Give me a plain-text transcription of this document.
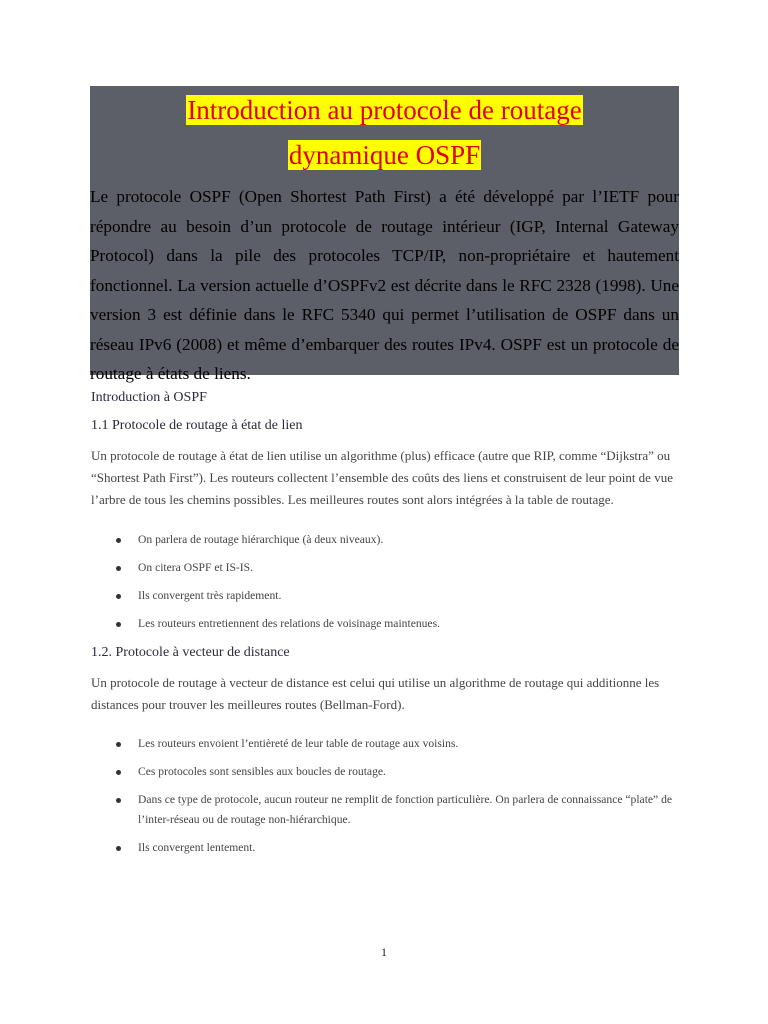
Introduction au protocole de routage
dynamique OSPF

Le protocole OSPF (Open Shortest Path First) a été développé par l’IETF pour répondre au besoin d’un protocole de routage intérieur (IGP, Internal Gateway Protocol) dans la pile des protocoles TCP/IP, non-propriétaire et hautement fonctionnel. La version actuelle d’OSPFv2 est décrite dans le RFC 2328 (1998). Une version 3 est définie dans le RFC 5340 qui permet l’utilisation de OSPF dans un réseau IPv6 (2008) et même d’embarquer des routes IPv4. OSPF est un protocole de routage à états de liens.

Introduction à OSPF
1.1 Protocole de routage à état de lien

Un protocole de routage à état de lien utilise un algorithme (plus) efficace (autre que RIP, comme “Dijkstra” ou “Shortest Path First”). Les routeurs collectent l’ensemble des coûts des liens et construisent de leur point de vue l’arbre de tous les chemins possibles. Les meilleures routes sont alors intégrées à la table de routage.

On parlera de routage hiérarchique (à deux niveaux).
On citera OSPF et IS-IS.
Ils convergent très rapidement.
Les routeurs entretiennent des relations de voisinage maintenues.
1.2. Protocole à vecteur de distance

Un protocole de routage à vecteur de distance est celui qui utilise un algorithme de routage qui additionne les distances pour trouver les meilleures routes (Bellman-Ford).

Les routeurs envoient l’entièreté de leur table de routage aux voisins.
Ces protocoles sont sensibles aux boucles de routage.
Dans ce type de protocole, aucun routeur ne remplit de fonction particulière. On parlera de connaissance “plate” de l’inter-réseau ou de routage non-hiérarchique.
Ils convergent lentement.
1
